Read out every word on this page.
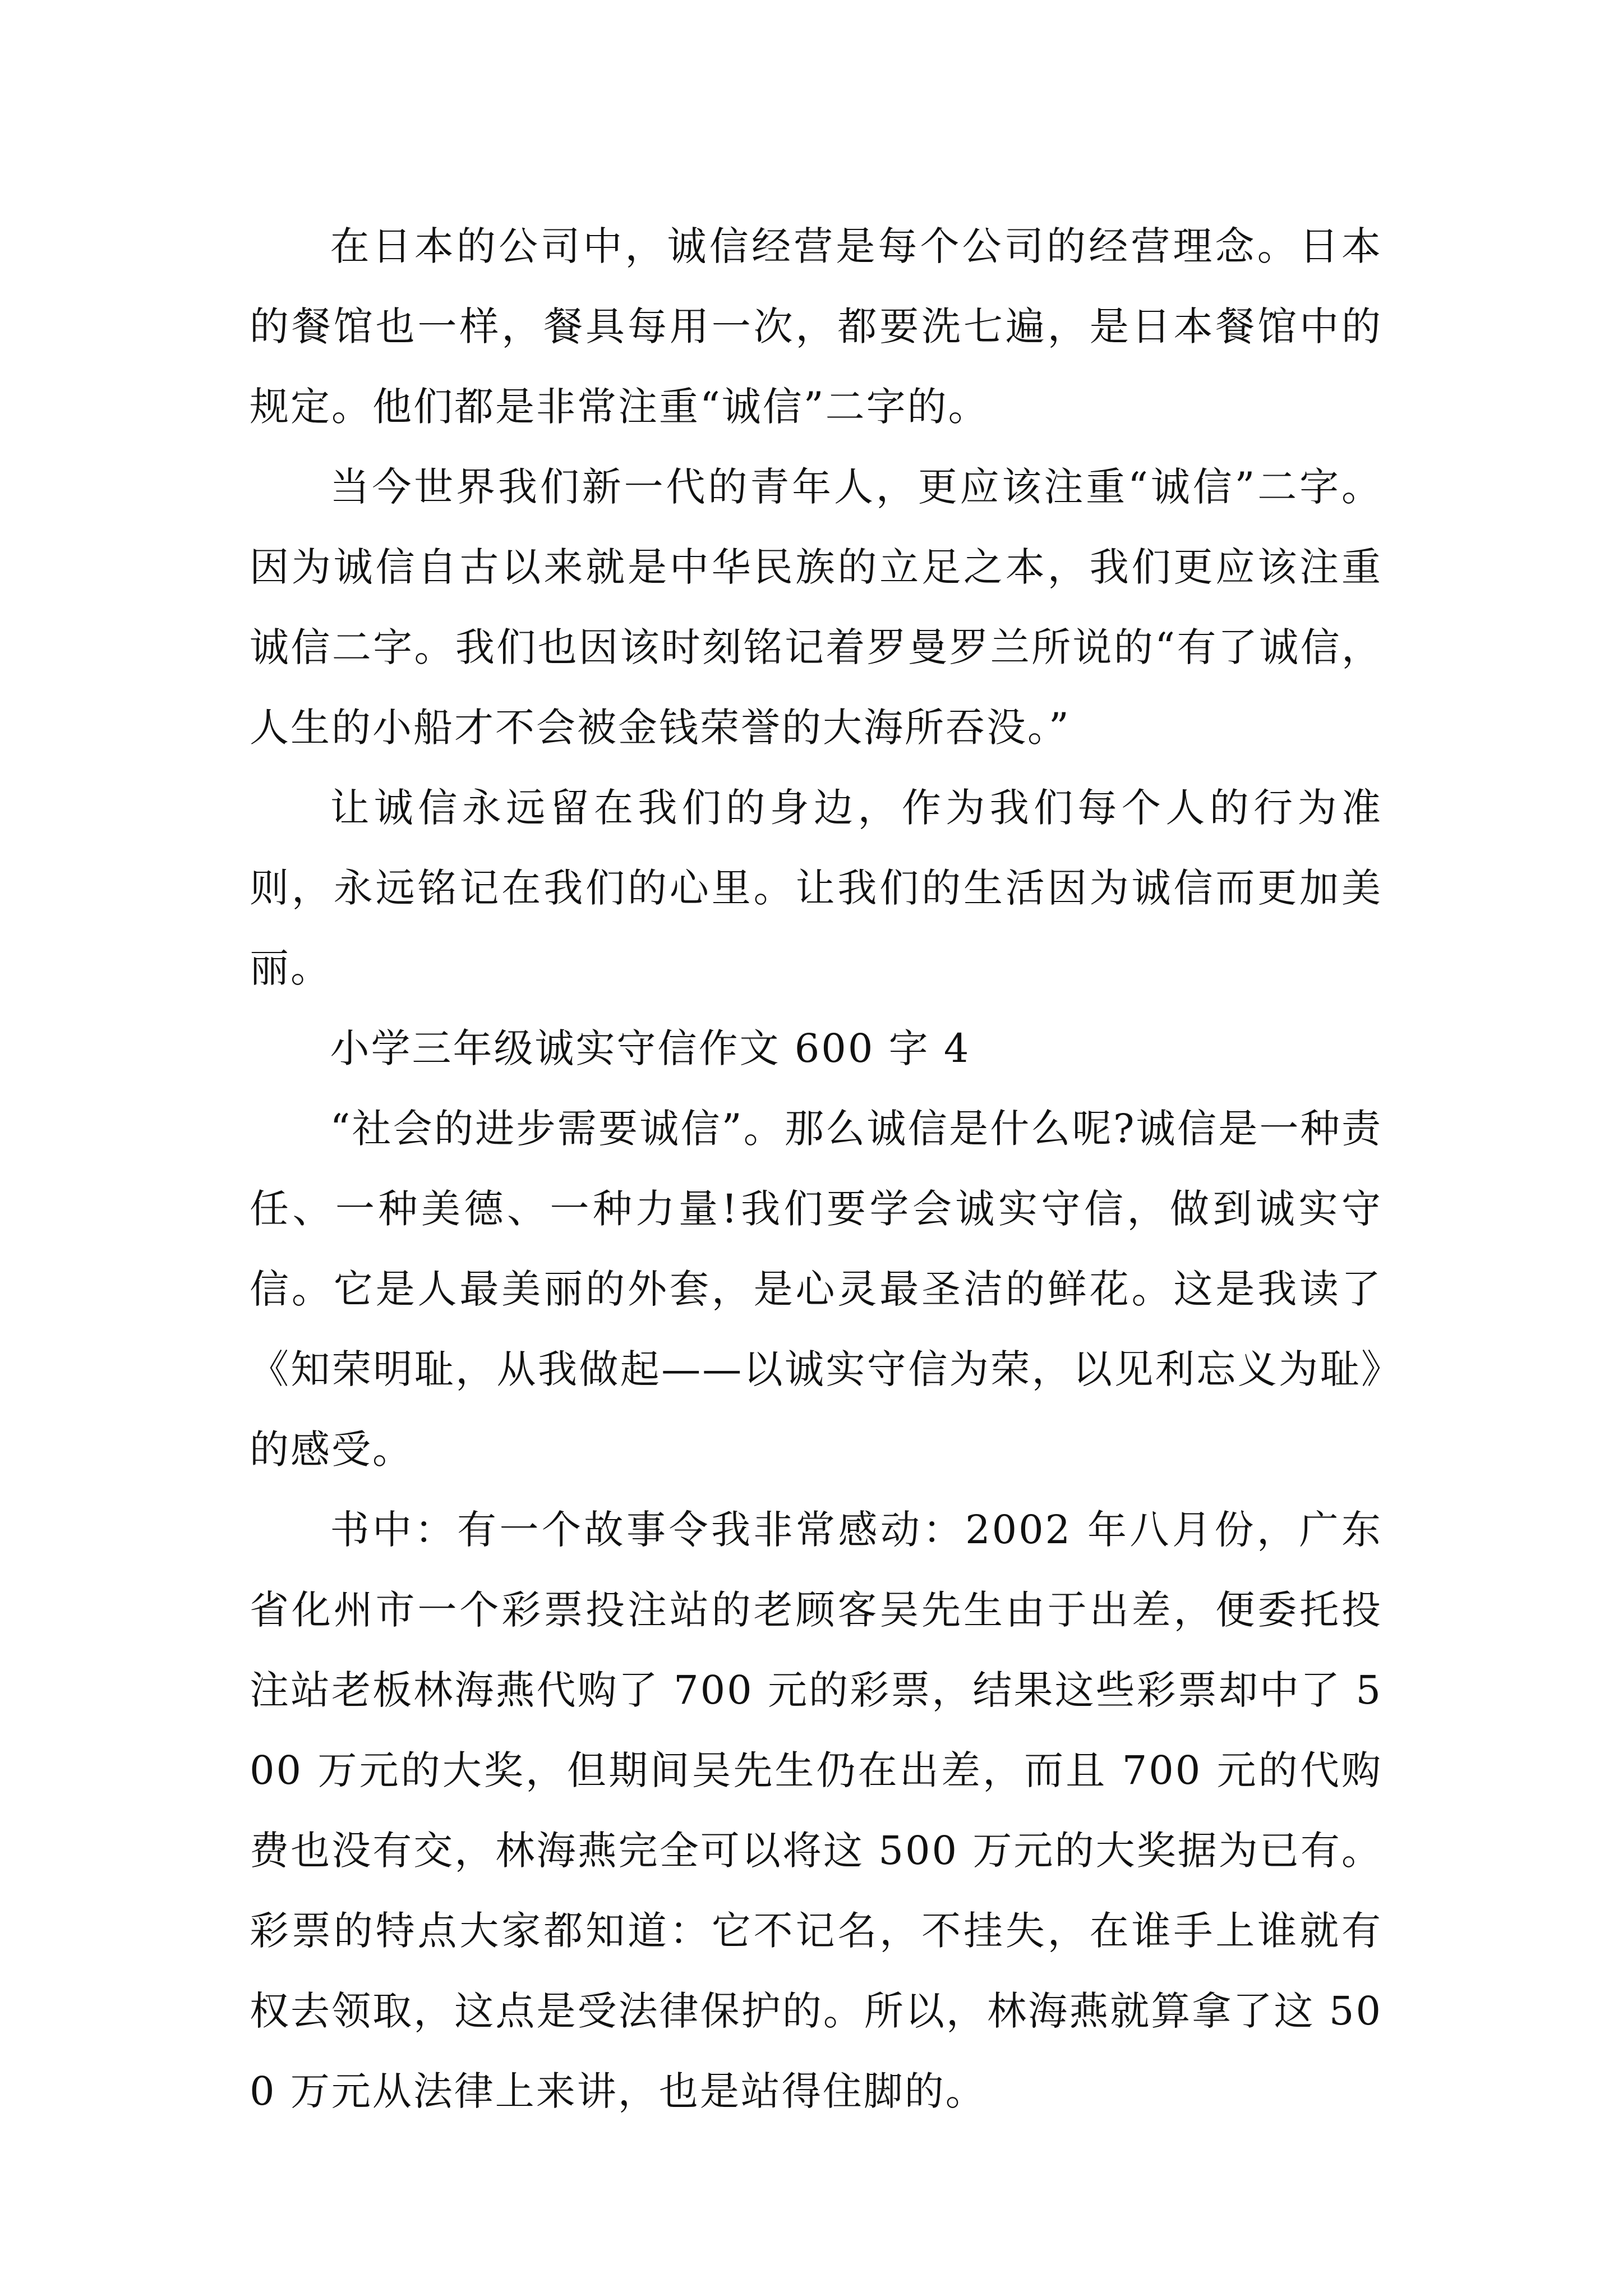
在日本的公司中，诚信经营是每个公司的经营理念。日本的餐馆也一样，餐具每用一次，都要洗七遍，是日本餐馆中的规定。他们都是非常注重“诚信”二字的。

当今世界我们新一代的青年人，更应该注重“诚信”二字。因为诚信自古以来就是中华民族的立足之本，我们更应该注重诚信二字。我们也因该时刻铭记着罗曼罗兰所说的“有了诚信，人生的小船才不会被金钱荣誉的大海所吞没。”

让诚信永远留在我们的身边，作为我们每个人的行为准则，永远铭记在我们的心里。让我们的生活因为诚信而更加美丽。

小学三年级诚实守信作文 600 字 4

“社会的进步需要诚信”。那么诚信是什么呢?诚信是一种责任、一种美德、一种力量!我们要学会诚实守信，做到诚实守信。它是人最美丽的外套，是心灵最圣洁的鲜花。这是我读了《知荣明耻，从我做起——以诚实守信为荣，以见利忘义为耻》的感受。

书中：有一个故事令我非常感动：2002 年八月份，广东省化州市一个彩票投注站的老顾客吴先生由于出差，便委托投注站老板林海燕代购了 700 元的彩票，结果这些彩票却中了 500 万元的大奖，但期间吴先生仍在出差，而且 700 元的代购费也没有交，林海燕完全可以将这 500 万元的大奖据为已有。彩票的特点大家都知道：它不记名，不挂失，在谁手上谁就有权去领取，这点是受法律保护的。所以，林海燕就算拿了这 500 万元从法律上来讲，也是站得住脚的。
